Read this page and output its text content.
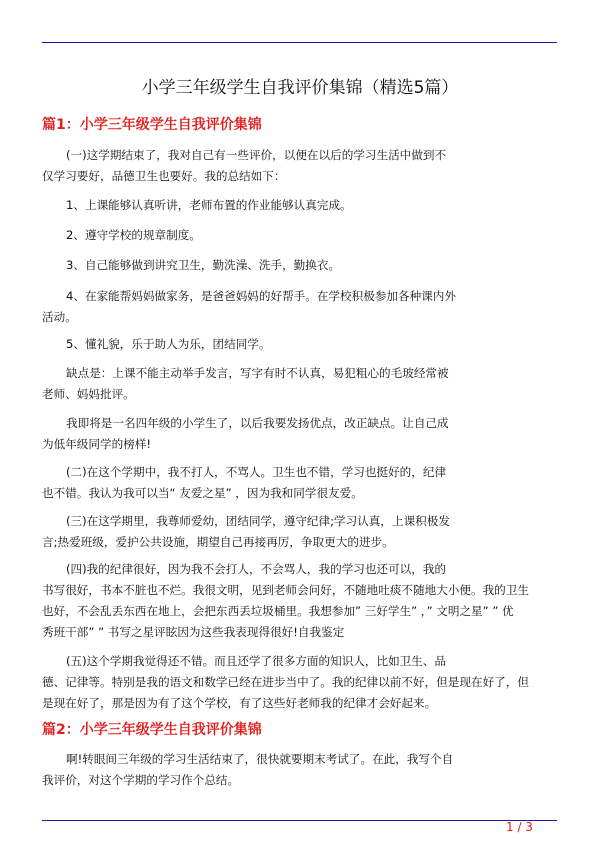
小学三年级学生自我评价集锦（精选5篇）
篇1：小学三年级学生自我评价集锦
(一)这学期结束了，我对自己有一些评价，以便在以后的学习生活中做到不
仅学习要好，品德卫生也要好。我的总结如下：
1、上课能够认真听讲，老师布置的作业能够认真完成。
2、遵守学校的规章制度。
3、自己能够做到讲究卫生，勤洗澡、洗手，勤换衣。
4、在家能帮妈妈做家务，是爸爸妈妈的好帮手。在学校积极参加各种课内外
活动。
5、懂礼貌，乐于助人为乐，团结同学。
缺点是：上课不能主动举手发言，写字有时不认真，易犯粗心的毛玻经常被
老师、妈妈批评。
我即将是一名四年级的小学生了，以后我要发扬优点，改正缺点。让自己成
为低年级同学的榜样!
(二)在这个学期中，我不打人，不骂人。卫生也不错，学习也挺好的，纪律
也不错。我认为我可以当“ 友爱之星” ，因为我和同学很友爱。
(三)在这学期里，我尊师爱幼，团结同学，遵守纪律;学习认真，上课积极发
言;热爱班级，爱护公共设施，期望自己再接再厉，争取更大的进步。
(四)我的纪律很好，因为我不会打人，不会骂人，我的学习也还可以，我的
书写很好，书本不脏也不烂。我很文明，见到老师会问好，不随地吐痰不随地大小便。我的卫生
也好，不会乱丢东西在地上，会把东西丢垃圾桶里。我想参加” 三好学生” ，” 文明之星” ” 优
秀班干部” ” 书写之星评眩因为这些我表现得很好!自我鉴定
(五)这个学期我觉得还不错。而且还学了很多方面的知识人，比如卫生、品
德、记律等。特别是我的语文和数学已经在进步当中了。我的纪律以前不好，但是现在好了，但
是现在好了，那是因为有了这个学校，有了这些好老师我的纪律才会好起来。
篇2：小学三年级学生自我评价集锦
啊!转眼间三年级的学习生活结束了，很快就要期末考试了。在此，我写个自
我评价，对这个学期的学习作个总结。
1 / 3
